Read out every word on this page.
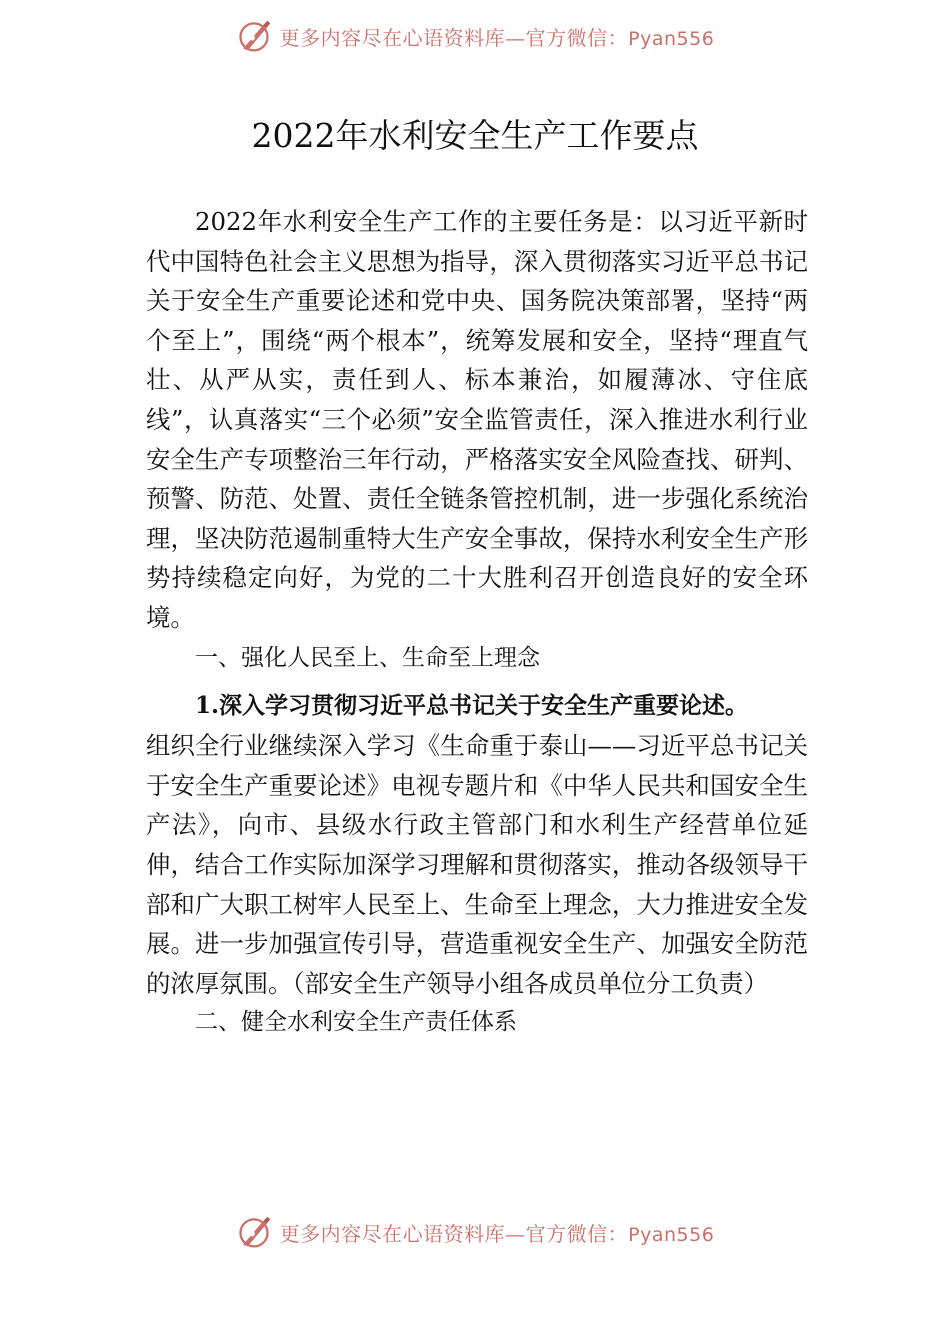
更多内容尽在心语资料库—官方微信：Pyan556
2022年水利安全生产工作要点

2022年水利安全生产工作的主要任务是：以习近平新时代中国特色社会主义思想为指导，深入贯彻落实习近平总书记关于安全生产重要论述和党中央、国务院决策部署，坚持“两个至上”，围绕“两个根本”，统筹发展和安全，坚持“理直气壮、从严从实，责任到人、标本兼治，如履薄冰、守住底线”，认真落实“三个必须”安全监管责任，深入推进水利行业安全生产专项整治三年行动，严格落实安全风险查找、研判、预警、防范、处置、责任全链条管控机制，进一步强化系统治理，坚决防范遏制重特大生产安全事故，保持水利安全生产形势持续稳定向好，为党的二十大胜利召开创造良好的安全环境。

一、强化人民至上、生命至上理念

1.深入学习贯彻习近平总书记关于安全生产重要论述。

组织全行业继续深入学习《生命重于泰山——习近平总书记关于安全生产重要论述》电视专题片和《中华人民共和国安全生产法》，向市、县级水行政主管部门和水利生产经营单位延伸，结合工作实际加深学习理解和贯彻落实，推动各级领导干部和广大职工树牢人民至上、生命至上理念，大力推进安全发展。进一步加强宣传引导，营造重视安全生产、加强安全防范的浓厚氛围。（部安全生产领导小组各成员单位分工负责）

二、健全水利安全生产责任体系

更多内容尽在心语资料库—官方微信：Pyan556
